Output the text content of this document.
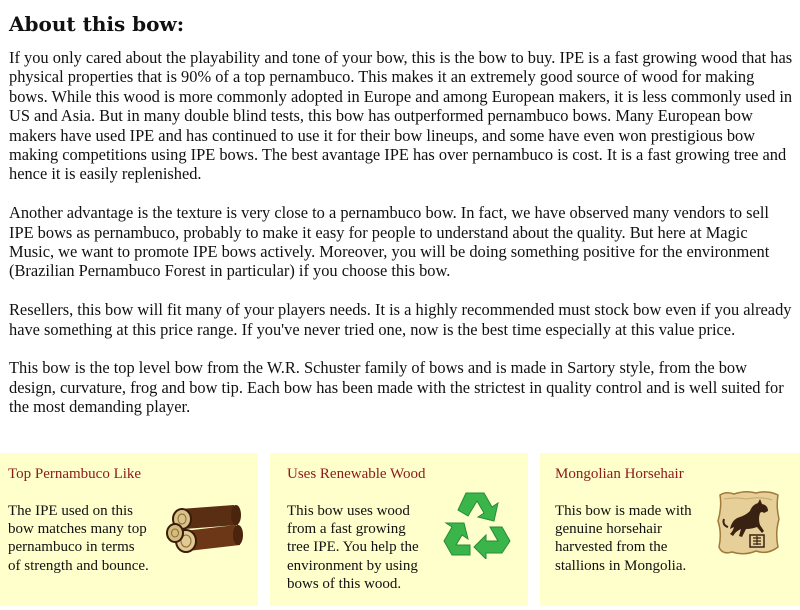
About this bow:

If you only cared about the playability and tone of your bow, this is the bow to buy. IPE is a fast growing wood that has physical properties that is 90% of a top pernambuco. This makes it an extremely good source of wood for making bows. While this wood is more commonly adopted in Europe and among European makers, it is less commonly used in US and Asia. But in many double blind tests, this bow has outperformed pernambuco bows. Many European bow makers have used IPE and has continued to use it for their bow lineups, and some have even won prestigious bow making competitions using IPE bows. The best avantage IPE has over pernambuco is cost. It is a fast growing tree and hence it is easily replenished.

Another advantage is the texture is very close to a pernambuco bow. In fact, we have observed many vendors to sell IPE bows as pernambuco, probably to make it easy for people to understand about the quality. But here at Magic Music, we want to promote IPE bows actively. Moreover, you will be doing something positive for the environment (Brazilian Pernambuco Forest in particular) if you choose this bow.

Resellers, this bow will fit many of your players needs. It is a highly recommended must stock bow even if you already have something at this price range. If you've never tried one, now is the best time especially at this value price.

This bow is the top level bow from the W.R. Schuster family of bows and is made in Sartory style, from the bow design, curvature, frog and bow tip. Each bow has been made with the strictest in quality control and is well suited for the most demanding player.

Top Pernambuco Like
The IPE used on this
bow matches many top
pernambuco in terms
of strength and bounce.
Uses Renewable Wood
This bow uses wood
from a fast growing
tree IPE. You help the
environment by using
bows of this wood.
Mongolian Horsehair
This bow is made with
genuine horsehair
harvested from the
stallions in Mongolia.
